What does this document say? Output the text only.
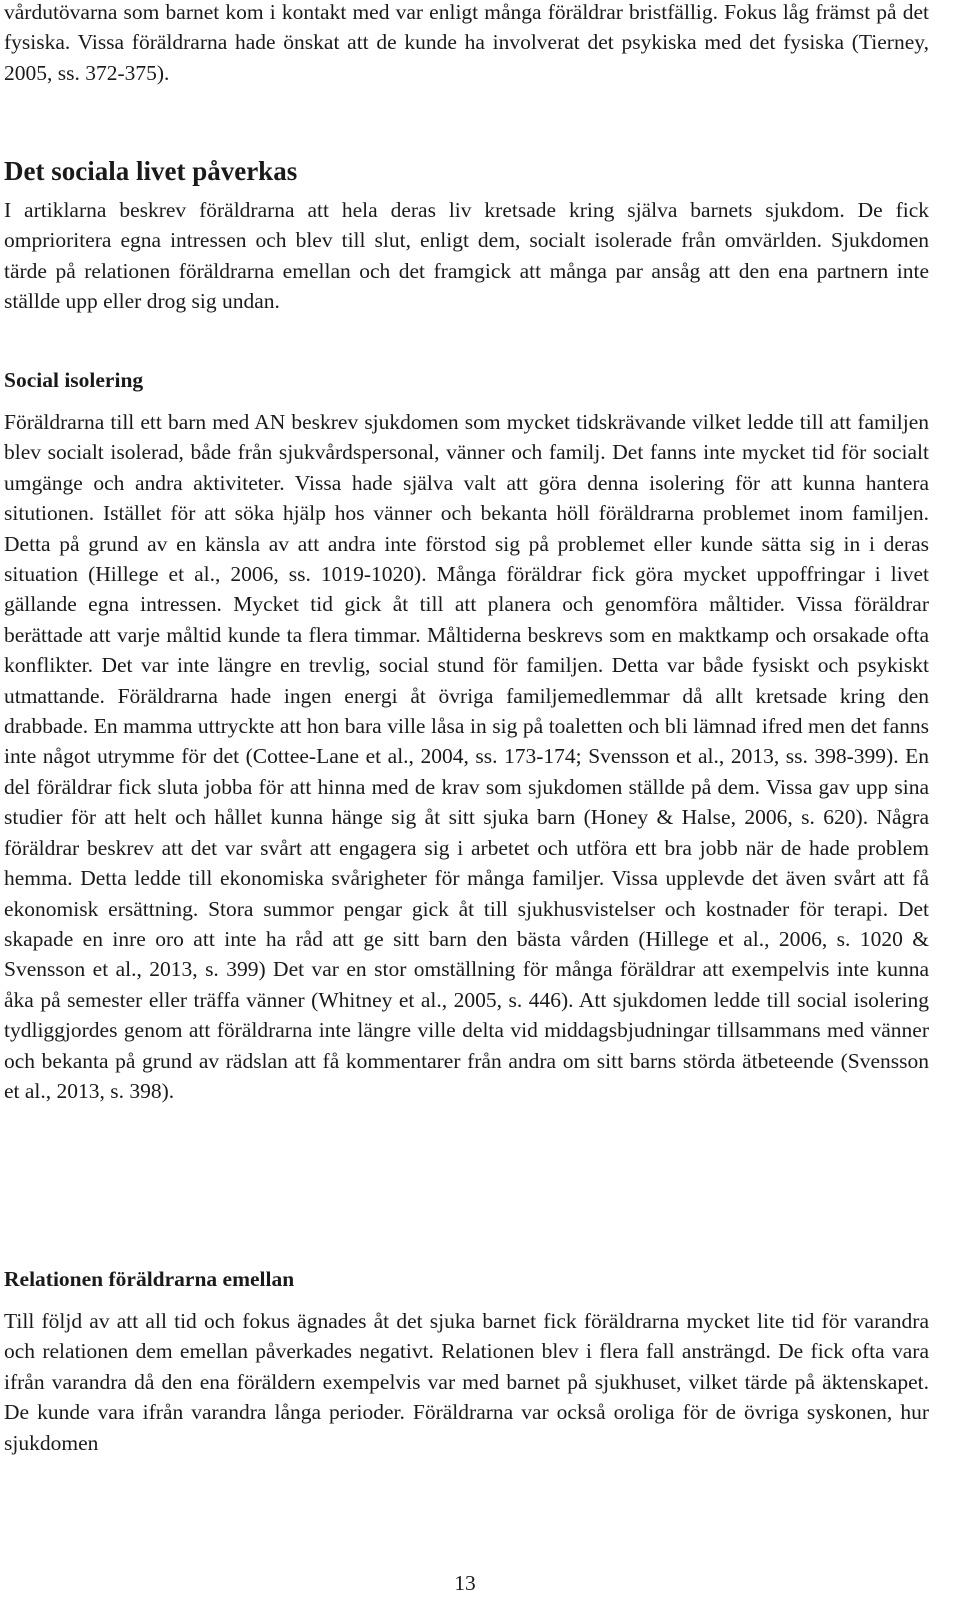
vårdutövarna som barnet kom i kontakt med var enligt många föräldrar bristfällig. Fokus låg främst på det fysiska. Vissa föräldrarna hade önskat att de kunde ha involverat det psykiska med det fysiska (Tierney, 2005, ss. 372-375).

Det sociala livet påverkas

I artiklarna beskrev föräldrarna att hela deras liv kretsade kring själva barnets sjukdom. De fick omprioritera egna intressen och blev till slut, enligt dem, socialt isolerade från omvärlden. Sjukdomen tärde på relationen föräldrarna emellan och det framgick att många par ansåg att den ena partnern inte ställde upp eller drog sig undan.

Social isolering

Föräldrarna till ett barn med AN beskrev sjukdomen som mycket tidskrävande vilket ledde till att familjen blev socialt isolerad, både från sjukvårdspersonal, vänner och familj. Det fanns inte mycket tid för socialt umgänge och andra aktiviteter. Vissa hade själva valt att göra denna isolering för att kunna hantera situtionen. Istället för att söka hjälp hos vänner och bekanta höll föräldrarna problemet inom familjen. Detta på grund av en känsla av att andra inte förstod sig på problemet eller kunde sätta sig in i deras situation (Hillege et al., 2006, ss. 1019-1020). Många föräldrar fick göra mycket uppoffringar i livet gällande egna intressen. Mycket tid gick åt till att planera och genomföra måltider. Vissa föräldrar berättade att varje måltid kunde ta flera timmar. Måltiderna beskrevs som en maktkamp och orsakade ofta konflikter. Det var inte längre en trevlig, social stund för familjen. Detta var både fysiskt och psykiskt utmattande. Föräldrarna hade ingen energi åt övriga familjemedlemmar då allt kretsade kring den drabbade. En mamma uttryckte att hon bara ville låsa in sig på toaletten och bli lämnad ifred men det fanns inte något utrymme för det (Cottee-Lane et al., 2004, ss. 173-174; Svensson et al., 2013, ss. 398-399). En del föräldrar fick sluta jobba för att hinna med de krav som sjukdomen ställde på dem. Vissa gav upp sina studier för att helt och hållet kunna hänge sig åt sitt sjuka barn (Honey & Halse, 2006, s. 620). Några föräldrar beskrev att det var svårt att engagera sig i arbetet och utföra ett bra jobb när de hade problem hemma. Detta ledde till ekonomiska svårigheter för många familjer. Vissa upplevde det även svårt att få ekonomisk ersättning. Stora summor pengar gick åt till sjukhusvistelser och kostnader för terapi. Det skapade en inre oro att inte ha råd att ge sitt barn den bästa vården (Hillege et al., 2006, s. 1020 & Svensson et al., 2013, s. 399) Det var en stor omställning för många föräldrar att exempelvis inte kunna åka på semester eller träffa vänner (Whitney et al., 2005, s. 446). Att sjukdomen ledde till social isolering tydliggjordes genom att föräldrarna inte längre ville delta vid middagsbjudningar tillsammans med vänner och bekanta på grund av rädslan att få kommentarer från andra om sitt barns störda ätbeteende (Svensson et al., 2013, s. 398).

Relationen föräldrarna emellan

Till följd av att all tid och fokus ägnades åt det sjuka barnet fick föräldrarna mycket lite tid för varandra och relationen dem emellan påverkades negativt. Relationen blev i flera fall ansträngd. De fick ofta vara ifrån varandra då den ena föräldern exempelvis var med barnet på sjukhuset, vilket tärde på äktenskapet. De kunde vara ifrån varandra långa perioder. Föräldrarna var också oroliga för de övriga syskonen, hur sjukdomen

13
